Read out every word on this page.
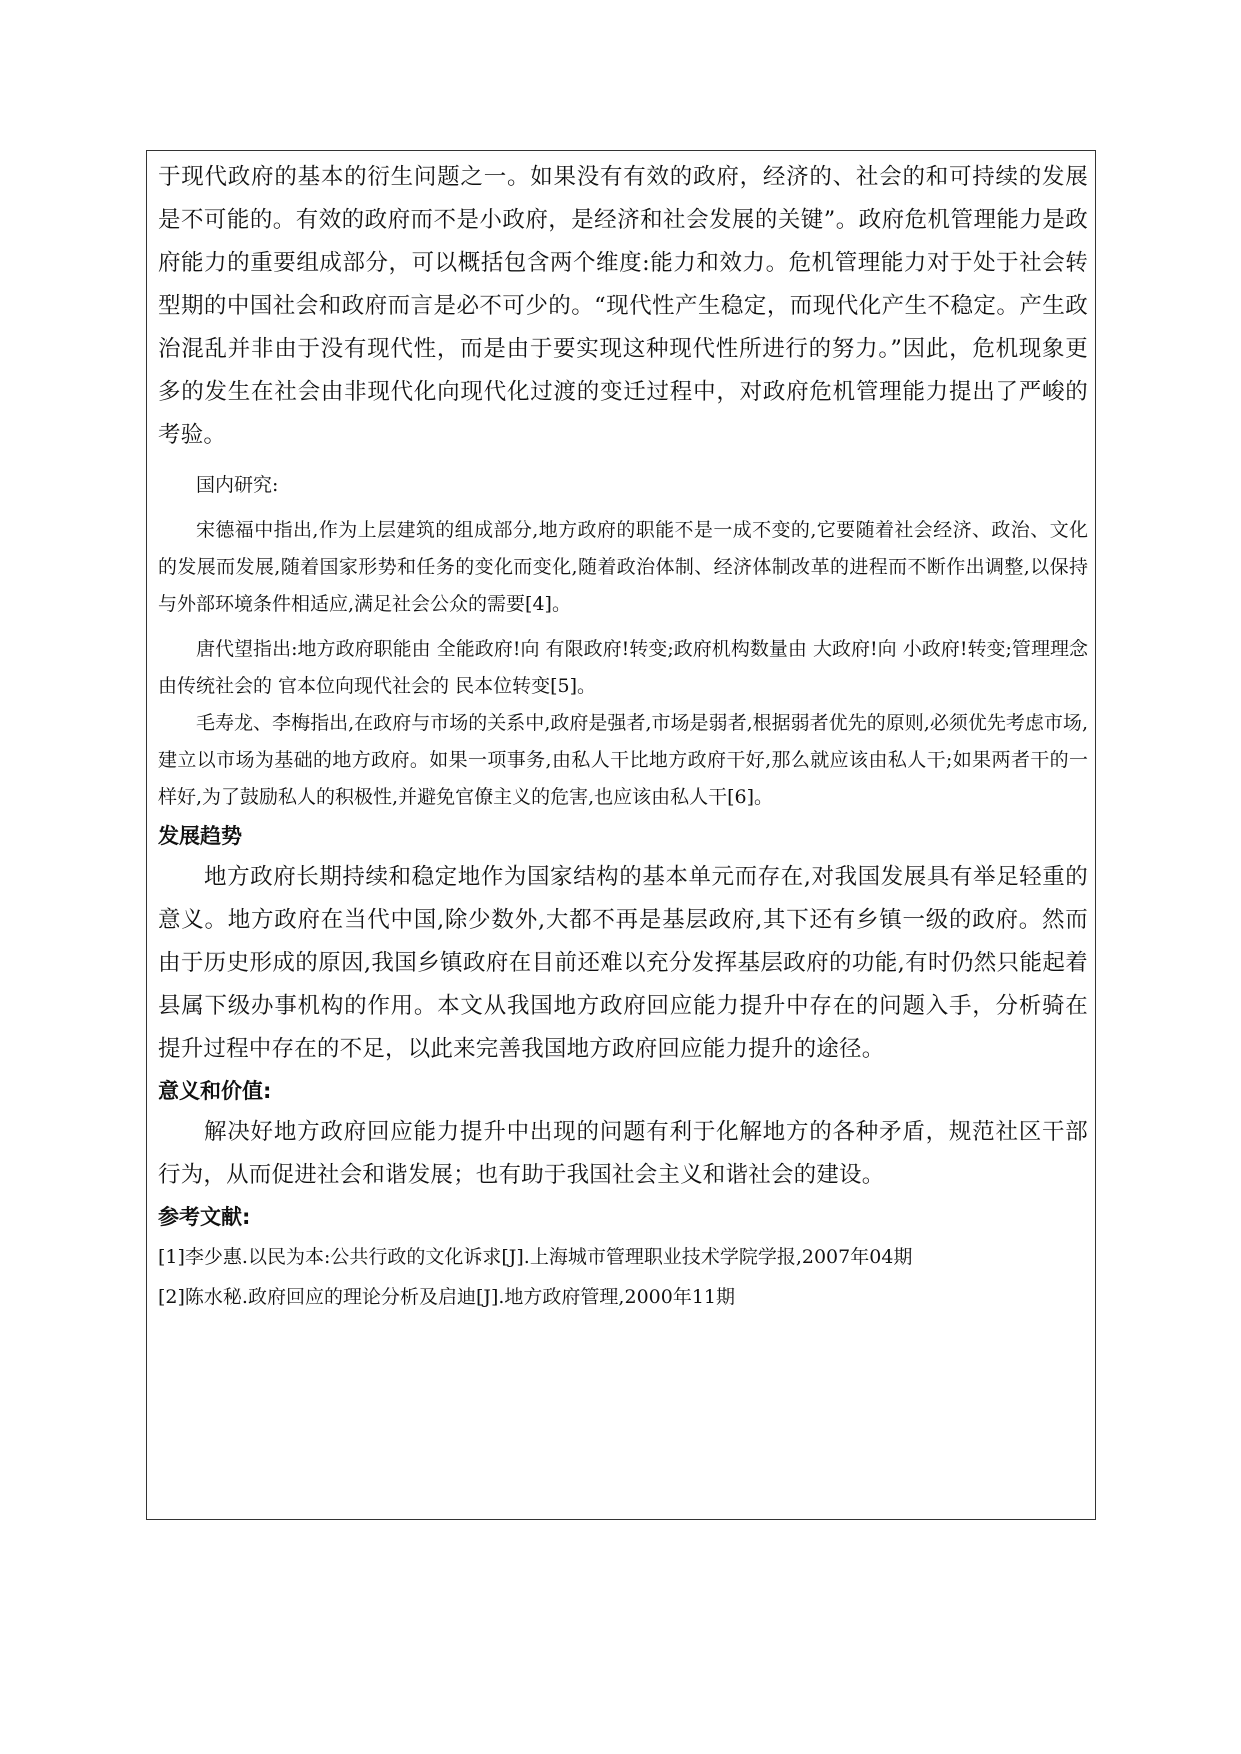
于现代政府的基本的衍生问题之一。如果没有有效的政府，经济的、社会的和可持续的发展是不可能的。有效的政府而不是小政府，是经济和社会发展的关键”。政府危机管理能力是政府能力的重要组成部分，可以概括包含两个维度:能力和效力。危机管理能力对于处于社会转型期的中国社会和政府而言是必不可少的。“现代性产生稳定，而现代化产生不稳定。产生政治混乱并非由于没有现代性，而是由于要实现这种现代性所进行的努力。”因此，危机现象更多的发生在社会由非现代化向现代化过渡的变迁过程中，对政府危机管理能力提出了严峻的考验。

国内研究:

宋德福中指出,作为上层建筑的组成部分,地方政府的职能不是一成不变的,它要随着社会经济、政治、文化的发展而发展,随着国家形势和任务的变化而变化,随着政治体制、经济体制改革的进程而不断作出调整,以保持与外部环境条件相适应,满足社会公众的需要[4]。

唐代望指出:地方政府职能由 全能政府!向 有限政府!转变;政府机构数量由 大政府!向 小政府!转变;管理理念由传统社会的 官本位向现代社会的 民本位转变[5]。

毛寿龙、李梅指出,在政府与市场的关系中,政府是强者,市场是弱者,根据弱者优先的原则,必须优先考虑市场,建立以市场为基础的地方政府。如果一项事务,由私人干比地方政府干好,那么就应该由私人干;如果两者干的一样好,为了鼓励私人的积极性,并避免官僚主义的危害,也应该由私人干[6]。

发展趋势

地方政府长期持续和稳定地作为国家结构的基本单元而存在,对我国发展具有举足轻重的意义。地方政府在当代中国,除少数外,大都不再是基层政府,其下还有乡镇一级的政府。然而由于历史形成的原因,我国乡镇政府在目前还难以充分发挥基层政府的功能,有时仍然只能起着县属下级办事机构的作用。本文从我国地方政府回应能力提升中存在的问题入手，分析骑在提升过程中存在的不足，以此来完善我国地方政府回应能力提升的途径。

意义和价值:

解决好地方政府回应能力提升中出现的问题有利于化解地方的各种矛盾，规范社区干部行为，从而促进社会和谐发展；也有助于我国社会主义和谐社会的建设。

参考文献:

[1]李少惠.以民为本:公共行政的文化诉求[J].上海城市管理职业技术学院学报,2007年04期

[2]陈水秘.政府回应的理论分析及启迪[J].地方政府管理,2000年11期
